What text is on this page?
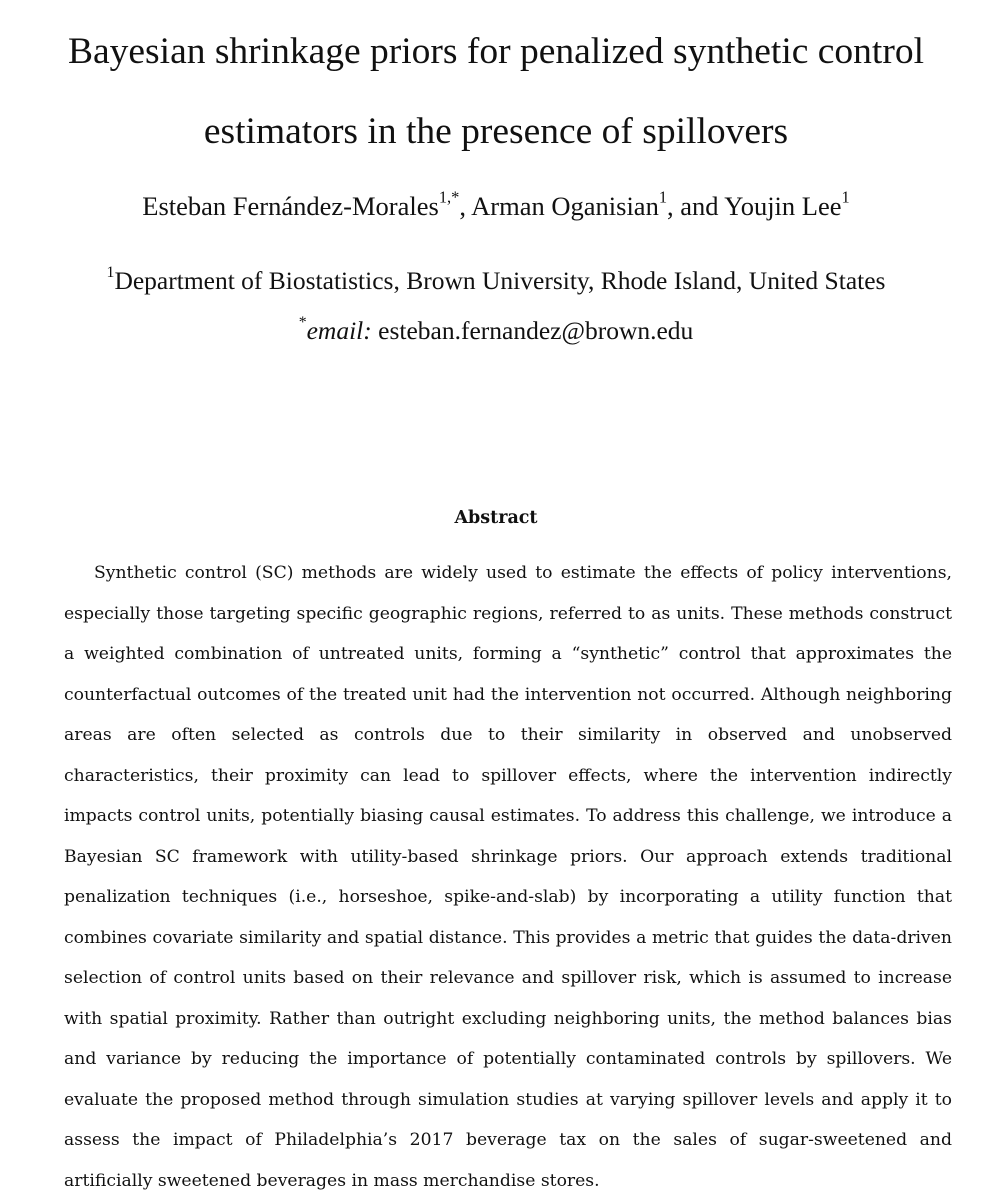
Bayesian shrinkage priors for penalized synthetic control estimators in the presence of spillovers
Esteban Fernández-Morales$^{1,*}$, Arman Oganisian$^1$, and Youjin Lee$^1$
$^1$Department of Biostatistics, Brown University, Rhode Island, United States
*email: esteban.fernandez@brown.edu
Abstract

Synthetic control (SC) methods are widely used to estimate the effects of policy interventions, especially those targeting specific geographic regions, referred to as units. These methods construct a weighted combination of untreated units, forming a “synthetic” control that approximates the counterfactual outcomes of the treated unit had the intervention not occurred. Although neighboring areas are often selected as controls due to their similarity in observed and unobserved characteristics, their proximity can lead to spillover effects, where the intervention indirectly impacts control units, potentially biasing causal estimates. To address this challenge, we introduce a Bayesian SC framework with utility-based shrinkage priors. Our approach extends traditional penalization techniques (i.e., horseshoe, spike-and-slab) by incorporating a utility function that combines covariate similarity and spatial distance. This provides a metric that guides the data-driven selection of control units based on their relevance and spillover risk, which is assumed to increase with spatial proximity. Rather than outright excluding neighboring units, the method balances bias and variance by reducing the importance of potentially contaminated controls by spillovers. We evaluate the proposed method through simulation studies at varying spillover levels and apply it to assess the impact of Philadelphia’s 2017 beverage tax on the sales of sugar-sweetened and artificially sweetened beverages in mass merchandise stores.
